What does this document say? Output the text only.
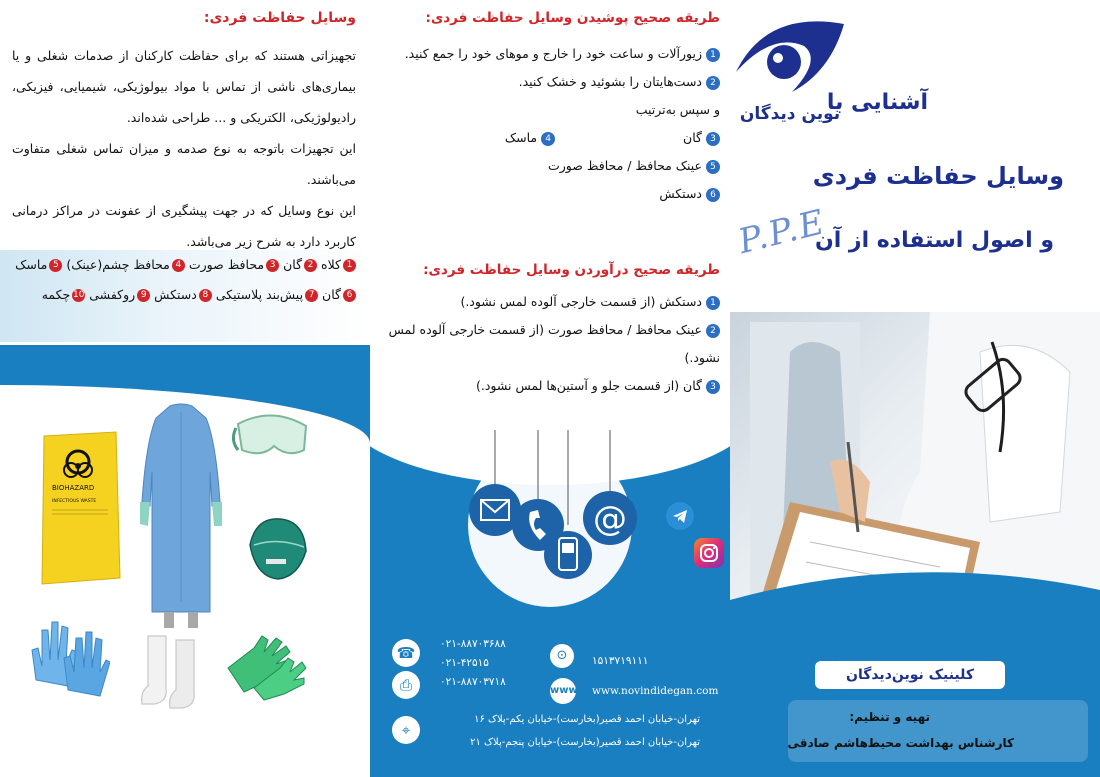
وسایل حفاظت فردی:
تجهیزاتی هستند که برای حفاظت کارکنان از صدمات شغلی و یا بیماری‌های ناشی از تماس با مواد بیولوژیکی، شیمیایی، فیزیکی، رادیولوژیکی، الکتریکی و ... طراحی شده‌اند.
این تجهیزات باتوجه به نوع صدمه و میزان تماس شغلی متفاوت می‌باشند.
این نوع وسایل که در جهت پیشگیری از عفونت در مراکز درمانی کاربرد دارد به شرح زیر می‌باشد.
1کلاه 2گان 3محافظ صورت 4محافظ چشم(عینک) 5ماسک
6گان 7پیش‌بند پلاستیکی 8دستکش 9روکفشی 10چکمه
BIOHAZARD
INFECTIOUS WASTE
طریقه صحیح پوشیدن وسایل حفاظت فردی:
1زیورآلات و ساعت خود را خارج و موهای خود را جمع کنید.
2دست‌هایتان را بشوئید و خشک کنید.
و سپس به‌ترتیب
3گان  4ماسک
5عینک محافظ / محافظ صورت
6دستکش
طریقه صحیح درآوردن وسایل حفاظت فردی:
1دستکش (از قسمت خارجی آلوده لمس نشود.)
2عینک محافظ / محافظ صورت (از قسمت خارجی آلوده لمس نشود.)
3گان (از قسمت جلو و آستین‌ها لمس نشود.)
@
☎
⎙
⌖
۰۲۱-۸۸۷۰۳۶۸۸
۰۲۱-۴۲۵۱۵
۰۲۱-۸۸۷۰۳۷۱۸
⊙	۱۵۱۳۷۱۹۱۱۱
www www.novindidegan.com
تهران-خیابان احمد قصیر(بخارست)-خیابان یکم-پلاک ۱۶
تهران-خیابان احمد قصیر(بخارست)-خیابان پنجم-پلاک ۲۱
نوین دیدگان
آشنایی با
وسایل حفاظت فردی
و اصول استفاده از آن
P.P.E
کلینیک نوین‌دیدگان
تهیه و تنظیم:
کارشناس بهداشت محیط
هاشم صادقی
